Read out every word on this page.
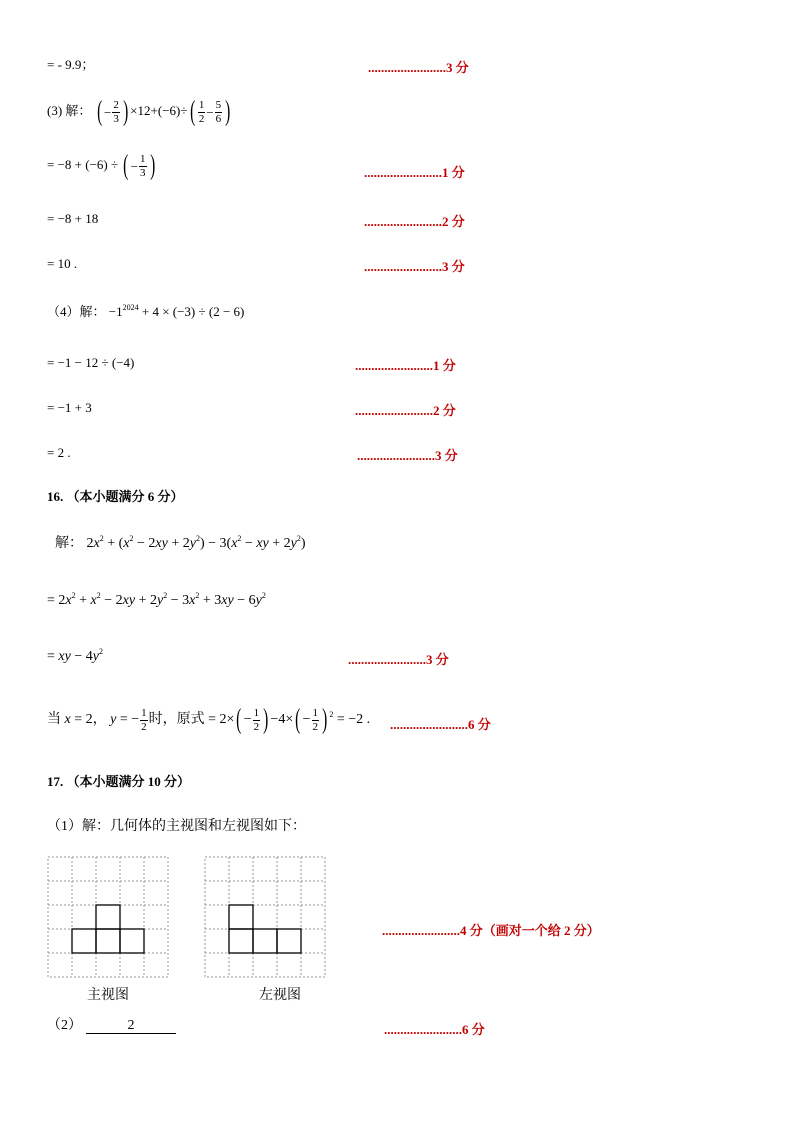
= - 9.9；	........................3 分
(3) 解： ( − $\frac{2}{3}$ ) ×12+(−6)÷ ( $\frac{1}{2} - \frac{5}{6}$ )
= −8 + (−6) ÷ ( − $\frac{1}{3}$ )	........................1 分
= −8 + 18	........................2 分
= 10 .	........................3 分
（4）解： $-1^{2024} + 4 \times (-3) \div (2 - 6)$
= −1 − 12 ÷ (−4)	........................1 分
= −1 + 3	........................2 分
= 2 .	........................3 分
16. （本小题满分 6 分）
解： $2x^2 + (x^2 - 2xy + 2y^2) - 3(x^2$ − xy + $2y^2$)
= $2x^2 + x^2 - 2xy + 2y^2 - 3x^2 + 3xy - 6y^2$
= xy − $4y^2$
........................3 分
当 x = 2， y = − $\frac{1}{2}$ 时，原式 = 2× ( − $\frac{1}{2}$ ) −4× ( − $\frac{1}{2}$ ) $^2$ = −2 . ........................6 分
17. （本小题满分 10 分）
（1）解：几何体的主视图和左视图如下：
主视图	左视图
........................4 分（画对一个给 2 分）
（2）	2	........................6 分
